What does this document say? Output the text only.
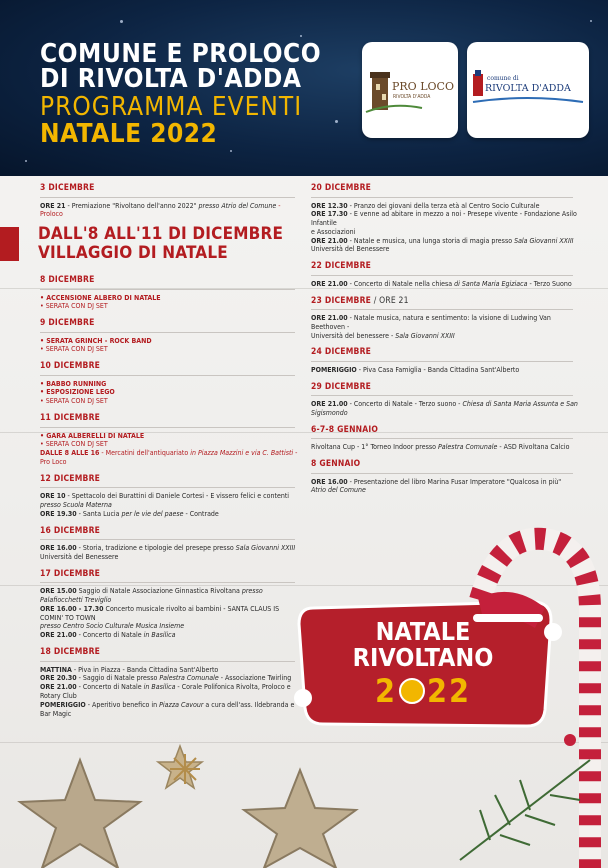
COMUNE E PROLOCO
DI RIVOLTA D'ADDA
PROGRAMMA EVENTI
NATALE 2022
PRO LOCO
RIVOLTA D'ADDA
comune di
RIVOLTA D'ADDA
3 DICEMBRE
ORE 21 - Premiazione "Rivoltano dell'anno 2022" presso Atrio del Comune - Proloco
DALL'8 ALL'11 DI DICEMBRE
VILLAGGIO DI NATALE
8 DICEMBRE
• ACCENSIONE ALBERO DI NATALE
• SERATA CON DJ SET
9 DICEMBRE
• SERATA GRINCH - ROCK BAND
• SERATA CON DJ SET
10 DICEMBRE
• BABBO RUNNING
• ESPOSIZIONE LEGO
• SERATA CON DJ SET
11 DICEMBRE
• GARA ALBERELLI DI NATALE
• SERATA CON DJ SET
DALLE 8 ALLE 16 - Mercatini dell'antiquariato in Piazza Mazzini e via C. Battisti - Pro Loco
12 DICEMBRE
ORE 10 - Spettacolo dei Burattini di Daniele Cortesi - E vissero felici e contenti
presso Scuola Materna
ORE 19.30 - Santa Lucia per le vie del paese - Contrade
16 DICEMBRE
ORE 16.00 - Storia, tradizione e tipologie del presepe presso Sala Giovanni XXIII
Università del Benessere
17 DICEMBRE
ORE 15.00 Saggio di Natale Associazione Ginnastica Rivoltana presso Palafiocchetti Treviglio
ORE 16.00 - 17.30 Concerto musicale rivolto ai bambini - SANTA CLAUS IS COMIN' TO TOWN
presso Centro Socio Culturale Musica Insieme
ORE 21.00 - Concerto di Natale in Basilica
18 DICEMBRE
MATTINA - Piva in Piazza - Banda Cittadina Sant'Alberto
ORE 20.30 - Saggio di Natale presso Palestra Comunale - Associazione Twirling
ORE 21.00 - Concerto di Natale in Basilica - Corale Polifonica Rivolta, Proloco e Rotary Club
POMERIGGIO - Aperitivo benefico in Piazza Cavour a cura dell'ass. Ildebranda e Bar Magic
20 DICEMBRE
ORE 12.30 - Pranzo dei giovani della terza età al Centro Socio Culturale
ORE 17.30 - E venne ad abitare in mezzo a noi - Presepe vivente - Fondazione Asilo Infantile
e Associazioni
ORE 21.00 - Natale e musica, una lunga storia di magia presso Sala Giovanni XXIII
Università del Benessere
22 DICEMBRE
ORE 21.00 - Concerto di Natale nella chiesa di Santa Maria Egiziaca - Terzo Suono
23 DICEMBRE / ORE 21
ORE 21.00 - Natale musica, natura e sentimento: la visione di Ludwing Van Beethoven -
Università del benessere - Sala Giovanni XXIII
24 DICEMBRE
POMERIGGIO - Piva Casa Famiglia - Banda Cittadina Sant'Alberto
29 DICEMBRE
ORE 21.00 - Concerto di Natale - Terzo suono - Chiesa di Santa Maria Assunta e San Sigismondo
6-7-8 GENNAIO
Rivoltana Cup - 1° Torneo Indoor presso Palestra Comunale - ASD Rivoltana Calcio
8 GENNAIO
ORE 16.00 - Presentazione del libro Marina Fusar Imperatore "Qualcosa in più"
Atrio del Comune
NATALE
RIVOLTANO
2 22
